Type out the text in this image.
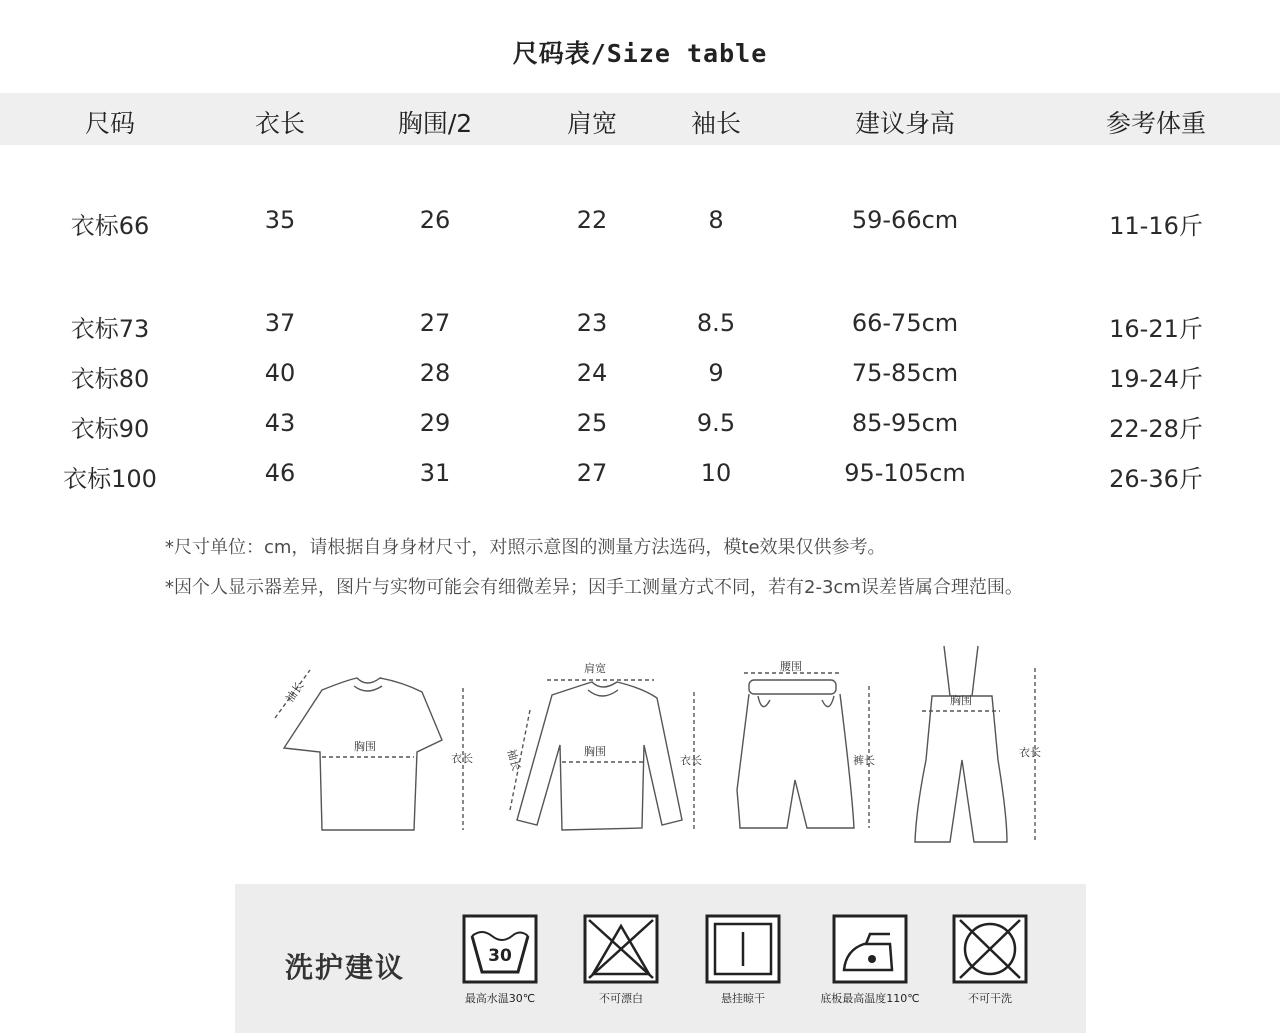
尺码表/Size table
尺码	衣长	胸围/2	肩宽	袖长	建议身高	参考体重
衣标66	35	26	22	8	59-66cm	11-16斤
衣标73	37	27	23	8.5	66-75cm	16-21斤
衣标80	40	28	24	9	75-85cm	19-24斤
衣标90	43	29	25	9.5	85-95cm	22-28斤
衣标100	46	31	27	10	95-105cm	26-36斤
*尺寸单位：cm，请根据自身身材尺寸，对照示意图的测量方法选码，模te效果仅供参考。
*因个人显示器差异，图片与实物可能会有细微差异；因手工测量方式不同，若有2-3cm误差皆属合理范围。
袖长
胸围
衣长
肩宽
胸围
衣长
袖长
腰围
裤长
胸围
衣长
洗护建议	30
最高水温30℃	不可漂白	悬挂晾干	底板最高温度110℃	不可干洗
